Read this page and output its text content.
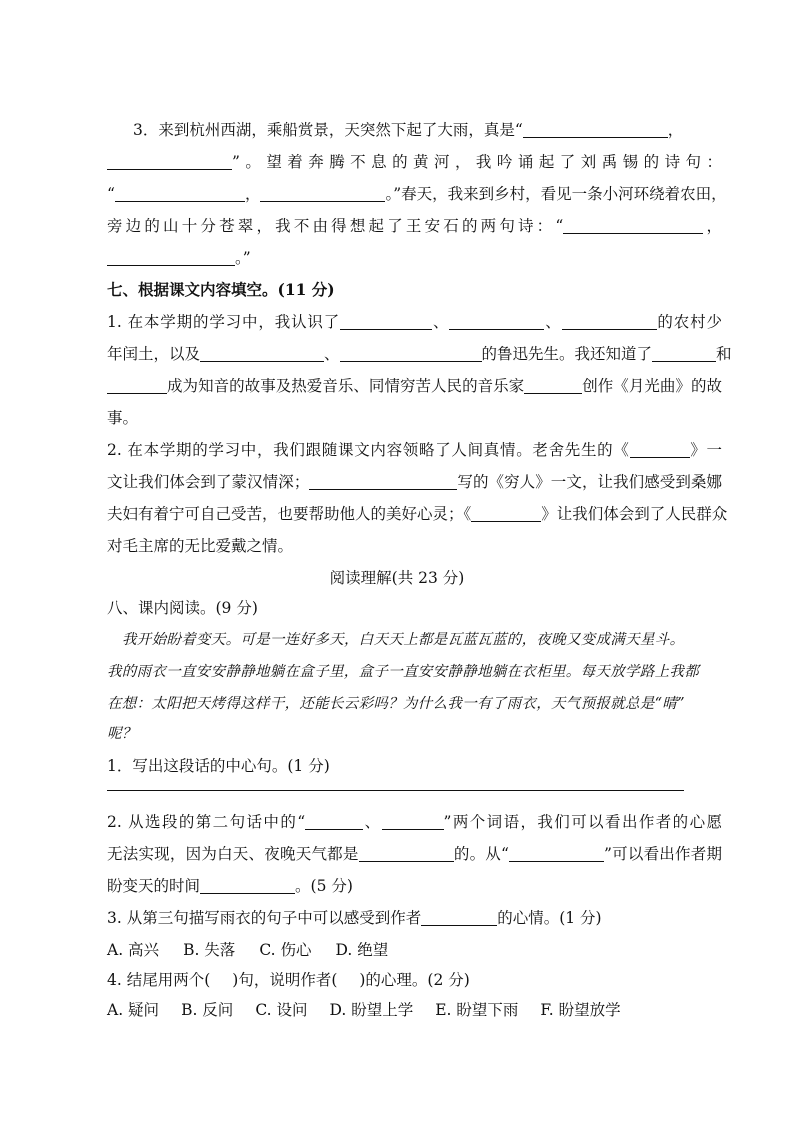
3．来到杭州西湖，乘船赏景，天突然下起了大雨，真是“	，
”。望着奔腾不息的黄河，我吟诵起了刘禹锡的诗句：
“	，	。”春天，我来到乡村，看见一条小河环绕着农田，
旁边的山十分苍翠，我不由得想起了王安石的两句诗：“	，
。”
七、根据课文内容填空。(11 分)
1. 在本学期的学习中，我认识了	、	、	的农村少
年闰土，以及	、	的鲁迅先生。我还知道了	和
成为知音的故事及热爱音乐、同情穷苦人民的音乐家	创作《月光曲》的故
事。
2. 在本学期的学习中，我们跟随课文内容领略了人间真情。老舍先生的《	》一
文让我们体会到了蒙汉情深；	写的《穷人》一文，让我们感受到桑娜
夫妇有着宁可自己受苦，也要帮助他人的美好心灵；《	》让我们体会到了人民群众
对毛主席的无比爱戴之情。
阅读理解(共 23 分)
八、课内阅读。(9 分)
我开始盼着变天。可是一连好多天，白天天上都是瓦蓝瓦蓝的，夜晚又变成满天星斗。
我的雨衣一直安安静静地躺在盒子里，盒子一直安安静静地躺在衣柜里。每天放学路上我都
在想：太阳把天烤得这样干，还能长云彩吗？为什么我一有了雨衣，天气预报就总是“晴”
呢？
1．写出这段话的中心句。(1 分)
2. 从选段的第二句话中的“	、	”两个词语，我们可以看出作者的心愿
无法实现，因为白天、夜晚天气都是	的。从“	”可以看出作者期
盼变天的时间	。(5 分)
3. 从第三句描写雨衣的句子中可以感受到作者	的心情。(1 分)
A. 高兴 B. 失落 C. 伤心 D. 绝望
4. 结尾用两个( )句，说明作者( )的心理。(2 分)
A. 疑问 B. 反问 C. 设问 D. 盼望上学 E. 盼望下雨 F. 盼望放学
